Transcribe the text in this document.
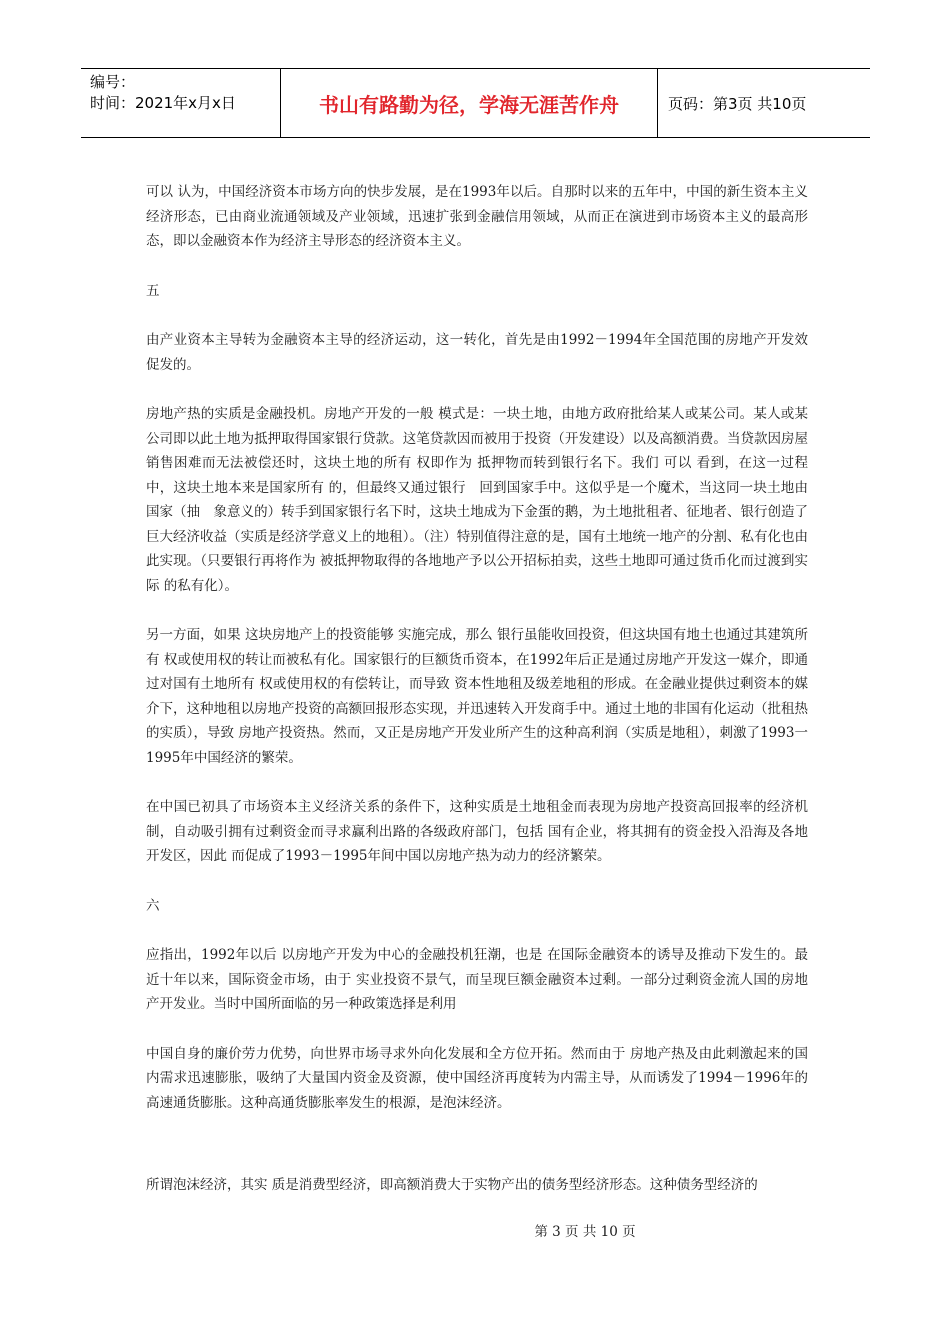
编号：
时间：2021年x月x日	书山有路勤为径，学海无涯苦作舟	页码：第3页 共10页

可以 认为，中国经济资本市场方向的快步发展，是在1993年以后。自那时以来的五年中，中国的新生资本主义经济形态，已由商业流通领域及产业领域，迅速扩张到金融信用领域，从而正在演进到市场资本主义的最高形态，即以金融资本作为经济主导形态的经济资本主义。

五

由产业资本主导转为金融资本主导的经济运动，这一转化，首先是由1992－1994年全国范围的房地产开发效促发的。

房地产热的实质是金融投机。房地产开发的一般 模式是：一块土地，由地方政府批给某人或某公司。某人或某公司即以此土地为抵押取得国家银行贷款。这笔贷款因而被用于投资（开发建设）以及高额消费。当贷款因房屋销售困难而无法被偿还时，这块土地的所有 权即作为 抵押物而转到银行名下。我们 可以 看到，在这一过程中，这块土地本来是国家所有 的，但最终又通过银行　回到国家手中。这似乎是一个魔术，当这同一块土地由国家（抽　象意义的）转手到国家银行名下时，这块土地成为下金蛋的鹅，为土地批租者、征地者、银行创造了巨大经济收益（实质是经济学意义上的地租）。（注）特别值得注意的是，国有土地统一地产的分割、私有化也由此实现。（只要银行再将作为 被抵押物取得的各地地产予以公开招标拍卖，这些土地即可通过货币化而过渡到实际 的私有化）。

另一方面，如果 这块房地产上的投资能够 实施完成，那么 银行虽能收回投资，但这块国有地土也通过其建筑所有 权或使用权的转让而被私有化。国家银行的巨额货币资本，在1992年后正是通过房地产开发这一媒介，即通过对国有土地所有 权或使用权的有偿转让，而导致 资本性地租及级差地租的形成。在金融业提供过剩资本的媒介下，这种地租以房地产投资的高额回报形态实现，并迅速转入开发商手中。通过土地的非国有化运动（批租热的实质），导致 房地产投资热。然而，又正是房地产开发业所产生的这种高利润（实质是地租），刺激了1993一1995年中国经济的繁荣。

在中国已初具了市场资本主义经济关系的条件下，这种实质是土地租金而表现为房地产投资高回报率的经济机制，自动吸引拥有过剩资金而寻求赢利出路的各级政府部门，包括 国有企业，将其拥有的资金投入沿海及各地开发区，因此 而促成了1993－1995年间中国以房地产热为动力的经济繁荣。

六

应指出，1992年以后 以房地产开发为中心的金融投机狂潮，也是 在国际金融资本的诱导及推动下发生的。最近十年以来，国际资金市场，由于 实业投资不景气，而呈现巨额金融资本过剩。一部分过剩资金流人国的房地产开发业。当时中国所面临的另一种政策选择是利用

中国自身的廉价劳力优势，向世界市场寻求外向化发展和全方位开拓。然而由于 房地产热及由此刺激起来的国内需求迅速膨胀，吸纳了大量国内资金及资源，使中国经济再度转为内需主导，从而诱发了1994－1996年的高速通货膨胀。这种高通货膨胀率发生的根源，是泡沫经济。

所谓泡沫经济，其实 质是消费型经济，即高额消费大于实物产出的债务型经济形态。这种债务型经济的

第 3 页 共 10 页
